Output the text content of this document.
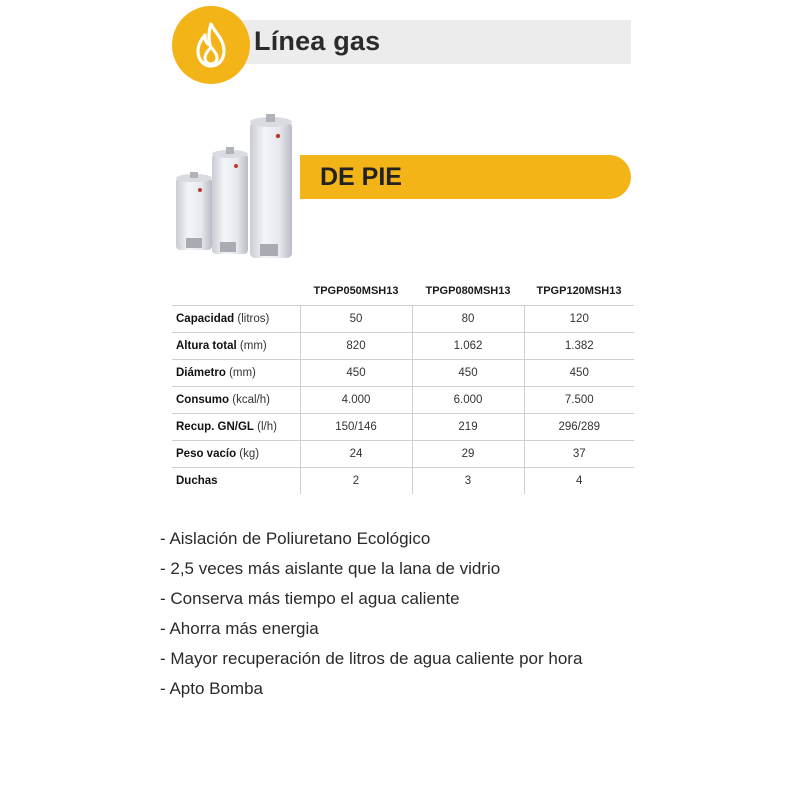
Línea gas
DE PIE
	TPGP050MSH13	TPGP080MSH13	TPGP120MSH13
Capacidad (litros)	50	80	120
Altura total (mm)	820	1.062	1.382
Diámetro (mm)	450	450	450
Consumo (kcal/h)	4.000	6.000	7.500
Recup. GN/GL (l/h)	150/146	219	296/289
Peso vacío (kg)	24	29	37
Duchas	2	3	4
- Aislación de Poliuretano Ecológico
- 2,5 veces más aislante que la lana de vidrio
- Conserva más tiempo el agua caliente
- Ahorra más energia
- Mayor recuperación de litros de agua caliente por hora
- Apto Bomba
